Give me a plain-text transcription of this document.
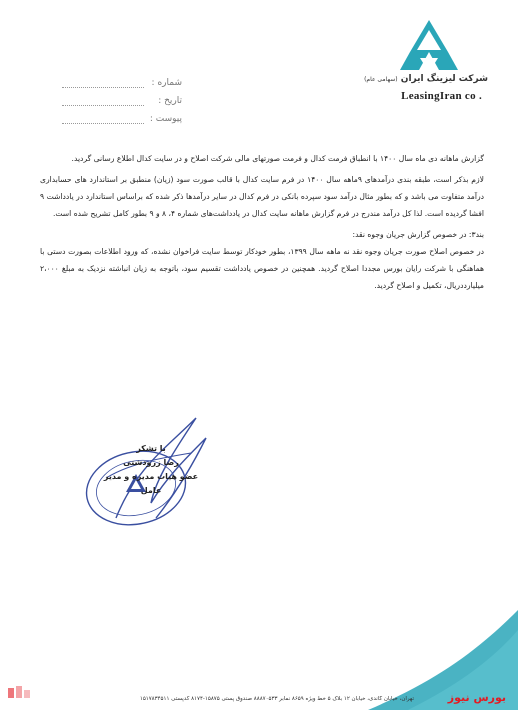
شرکت لیزینگ ایران (سهامی عام)
LeasingIran co .
شماره :
تاریخ :
پیوست :

گزارش ماهانه دی ماه سال ۱۴۰۰ با انطباق فرمت کدال و فرمت صورتهای مالی شرکت اصلاح و در سایت کدال اطلاع رسانی گردید.

لازم بذکر است، طبقه بندی درآمدهای ۹ماهه سال ۱۴۰۰ در فرم سایت کدال با قالب صورت سود (زیان) منطبق بر استاندارد های حسابداری درآمد متفاوت می باشد و که بطور مثال درآمد سود سپرده بانکی در فرم کدال در سایر درآمدها ذکر شده که براساس استاندارد در یادداشت ۹ افشا گردیده است. لذا کل درآمد مندرج در فرم گزارش ماهانه سایت کدال در یادداشت‌های شماره ۴، ۸ و ۹ بطور کامل تشریح شده است.

بند۳: در خصوص گزارش جریان وجوه نقد:

در خصوص اصلاح صورت جریان وجوه نقد نه ماهه سال ۱۳۹۹، بطور خودکار توسط سایت فراخوان نشده، که ورود اطلاعات بصورت دستی با هماهنگی با شرکت رایان بورس مجددا اصلاح گردید. همچنین در خصوص یادداشت تقسیم سود، باتوجه به زیان انباشته نزدیک به مبلغ ۲،۰۰۰ میلیارددریال، تکمیل و اصلاح گردید.

با تشکر
رضا زرودشتی
عضو هیات مدیره و مدیر عامل
تهران، خیابان گاندی، خیابان ۱۲ بلاک ۵ خط ویژه ۸۶۵۹ نمابر ۸۸۸۷۰۵۳۳ صندوق پستی ۱۵۸۷۵-۸۱۷۴ کدپستی ۱۵۱۷۸۳۴۵۱۱	بورس نیوز
